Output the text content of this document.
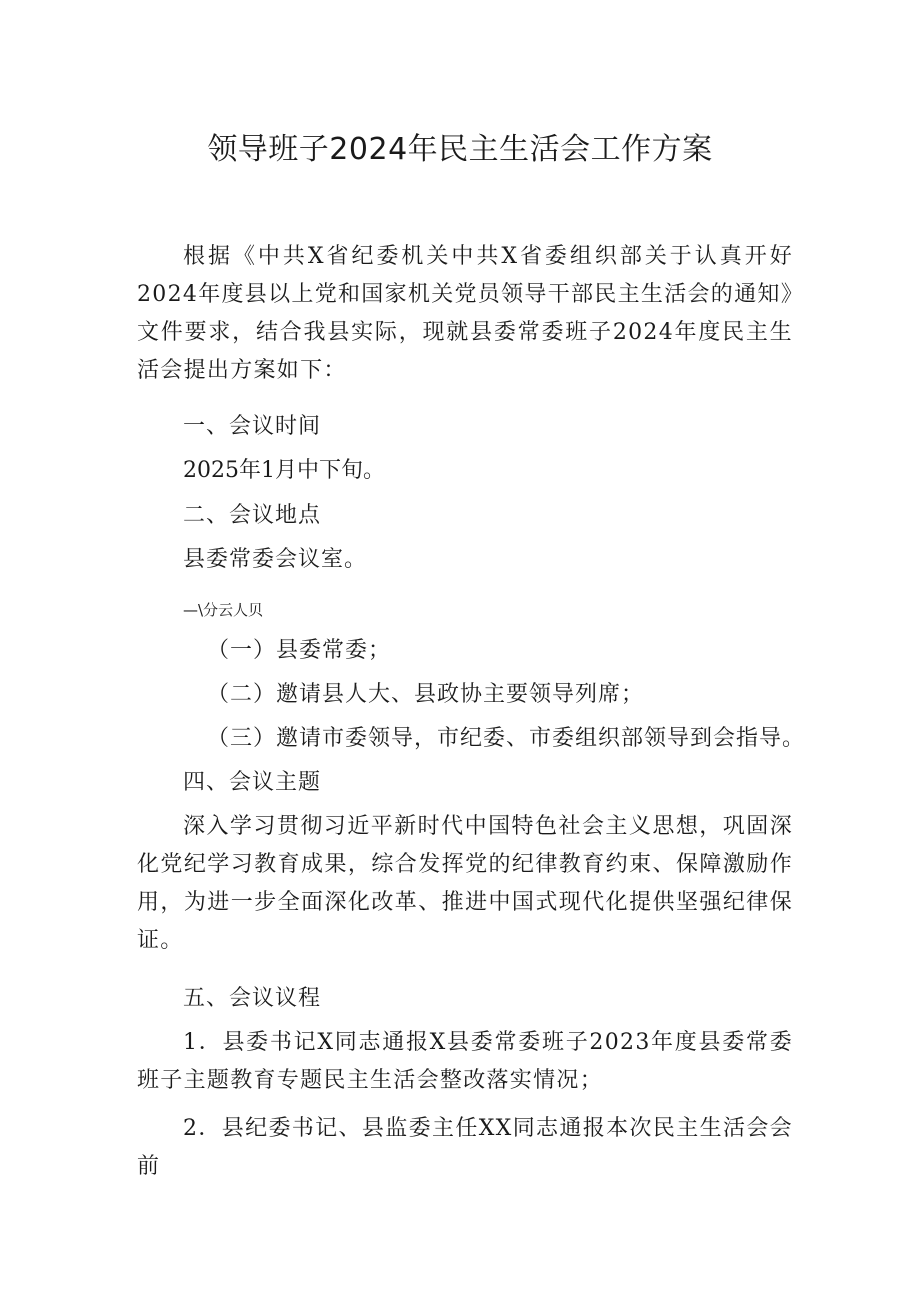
领导班子2024年民主生活会工作方案

根据《中共X省纪委机关中共X省委组织部关于认真开好2024年度县以上党和国家机关党员领导干部民主生活会的通知》文件要求，结合我县实际，现就县委常委班子2024年度民主生活会提出方案如下：

一、会议时间
2025年1月中下旬。
二、会议地点
县委常委会议室。
—\分云人贝
（一）县委常委；
（二）邀请县人大、县政协主要领导列席；
（三）邀请市委领导，市纪委、市委组织部领导到会指导。
四、会议主题

深入学习贯彻习近平新时代中国特色社会主义思想，巩固深化党纪学习教育成果，综合发挥党的纪律教育约束、保障激励作用，为进一步全面深化改革、推进中国式现代化提供坚强纪律保证。

五、会议议程

1．县委书记X同志通报X县委常委班子2023年度县委常委班子主题教育专题民主生活会整改落实情况；

2．县纪委书记、县监委主任XX同志通报本次民主生活会会前
